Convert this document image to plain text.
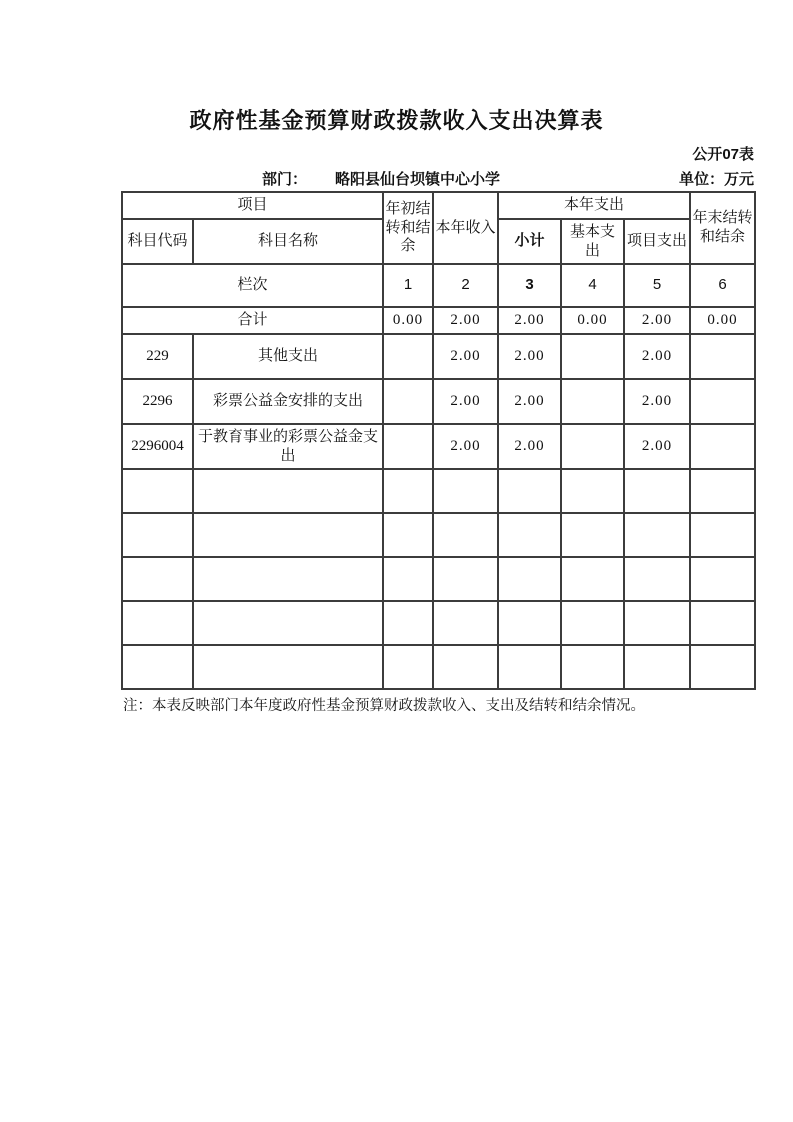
政府性基金预算财政拨款收入支出决算表
公开07表
部门： 略阳县仙台坝镇中心小学	单位：万元
项目		年初结转和结余	本年收入	本年支出			年末结转和结余
科目代码	科目名称			小计	基本支出	项目支出	
栏次		1	2	3	4	5	6
合计		0.00	2.00	2.00	0.00	2.00	0.00
229	其他支出		2.00	2.00		2.00	
2296	彩票公益金安排的支出		2.00	2.00		2.00	
2296004	于教育事业的彩票公益金支出		2.00	2.00		2.00	

注：本表反映部门本年度政府性基金预算财政拨款收入、支出及结转和结余情况。
